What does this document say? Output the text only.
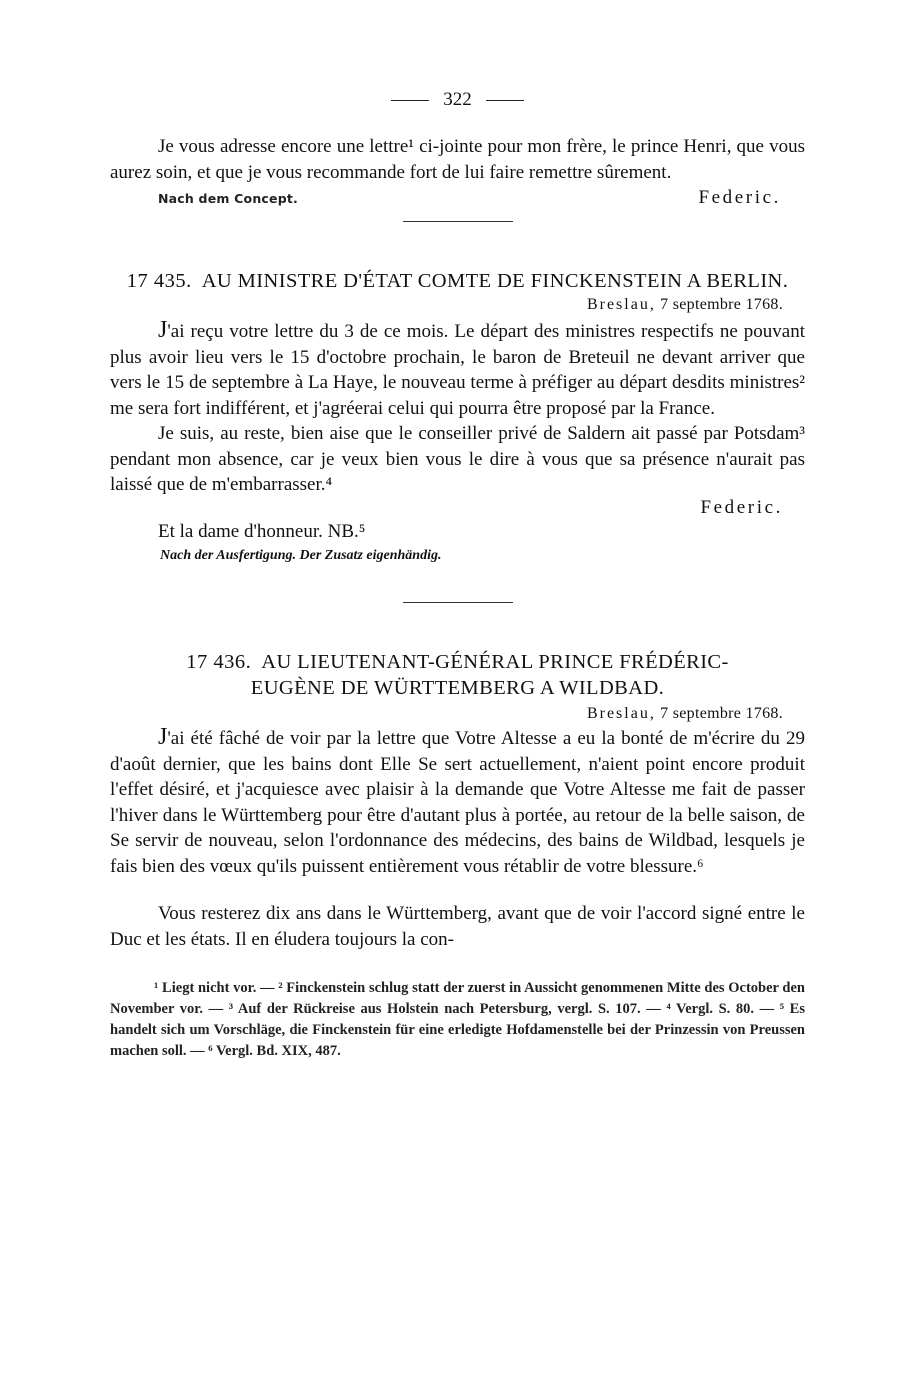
322

Je vous adresse encore une lettre¹ ci-jointe pour mon frère, le prince Henri, que vous aurez soin, et que je vous recommande fort de lui faire remettre sûrement.

Nach dem Concept.	Federic.
17 435. AU MINISTRE D'ÉTAT COMTE DE FINCKENSTEIN A BERLIN.
Breslau, 7 septembre 1768.

J'ai reçu votre lettre du 3 de ce mois. Le départ des ministres respectifs ne pouvant plus avoir lieu vers le 15 d'octobre prochain, le baron de Breteuil ne devant arriver que vers le 15 de septembre à La Haye, le nouveau terme à préfiger au départ desdits ministres² me sera fort indifférent, et j'agréerai celui qui pourra être proposé par la France.

Je suis, au reste, bien aise que le conseiller privé de Saldern ait passé par Potsdam³ pendant mon absence, car je veux bien vous le dire à vous que sa présence n'aurait pas laissé que de m'embarrasser.⁴

Federic.

Et la dame d'honneur. NB.⁵

Nach der Ausfertigung. Der Zusatz eigenhändig.
17 436. AU LIEUTENANT-GÉNÉRAL PRINCE FRÉDÉRIC-
EUGÈNE DE WÜRTTEMBERG A WILDBAD.
Breslau, 7 septembre 1768.

J'ai été fâché de voir par la lettre que Votre Altesse a eu la bonté de m'écrire du 29 d'août dernier, que les bains dont Elle Se sert actuellement, n'aient point encore produit l'effet désiré, et j'acquiesce avec plaisir à la demande que Votre Altesse me fait de passer l'hiver dans le Württemberg pour être d'autant plus à portée, au retour de la belle saison, de Se servir de nouveau, selon l'ordonnance des médecins, des bains de Wildbad, lesquels je fais bien des vœux qu'ils puissent entièrement vous rétablir de votre blessure.⁶

Vous resterez dix ans dans le Württemberg, avant que de voir l'accord signé entre le Duc et les états. Il en éludera toujours la con-

¹ Liegt nicht vor. — ² Finckenstein schlug statt der zuerst in Aussicht genommenen Mitte des October den November vor. — ³ Auf der Rückreise aus Holstein nach Petersburg, vergl. S. 107. — ⁴ Vergl. S. 80. — ⁵ Es handelt sich um Vorschläge, die Finckenstein für eine erledigte Hofdamenstelle bei der Prinzessin von Preussen machen soll. — ⁶ Vergl. Bd. XIX, 487.
